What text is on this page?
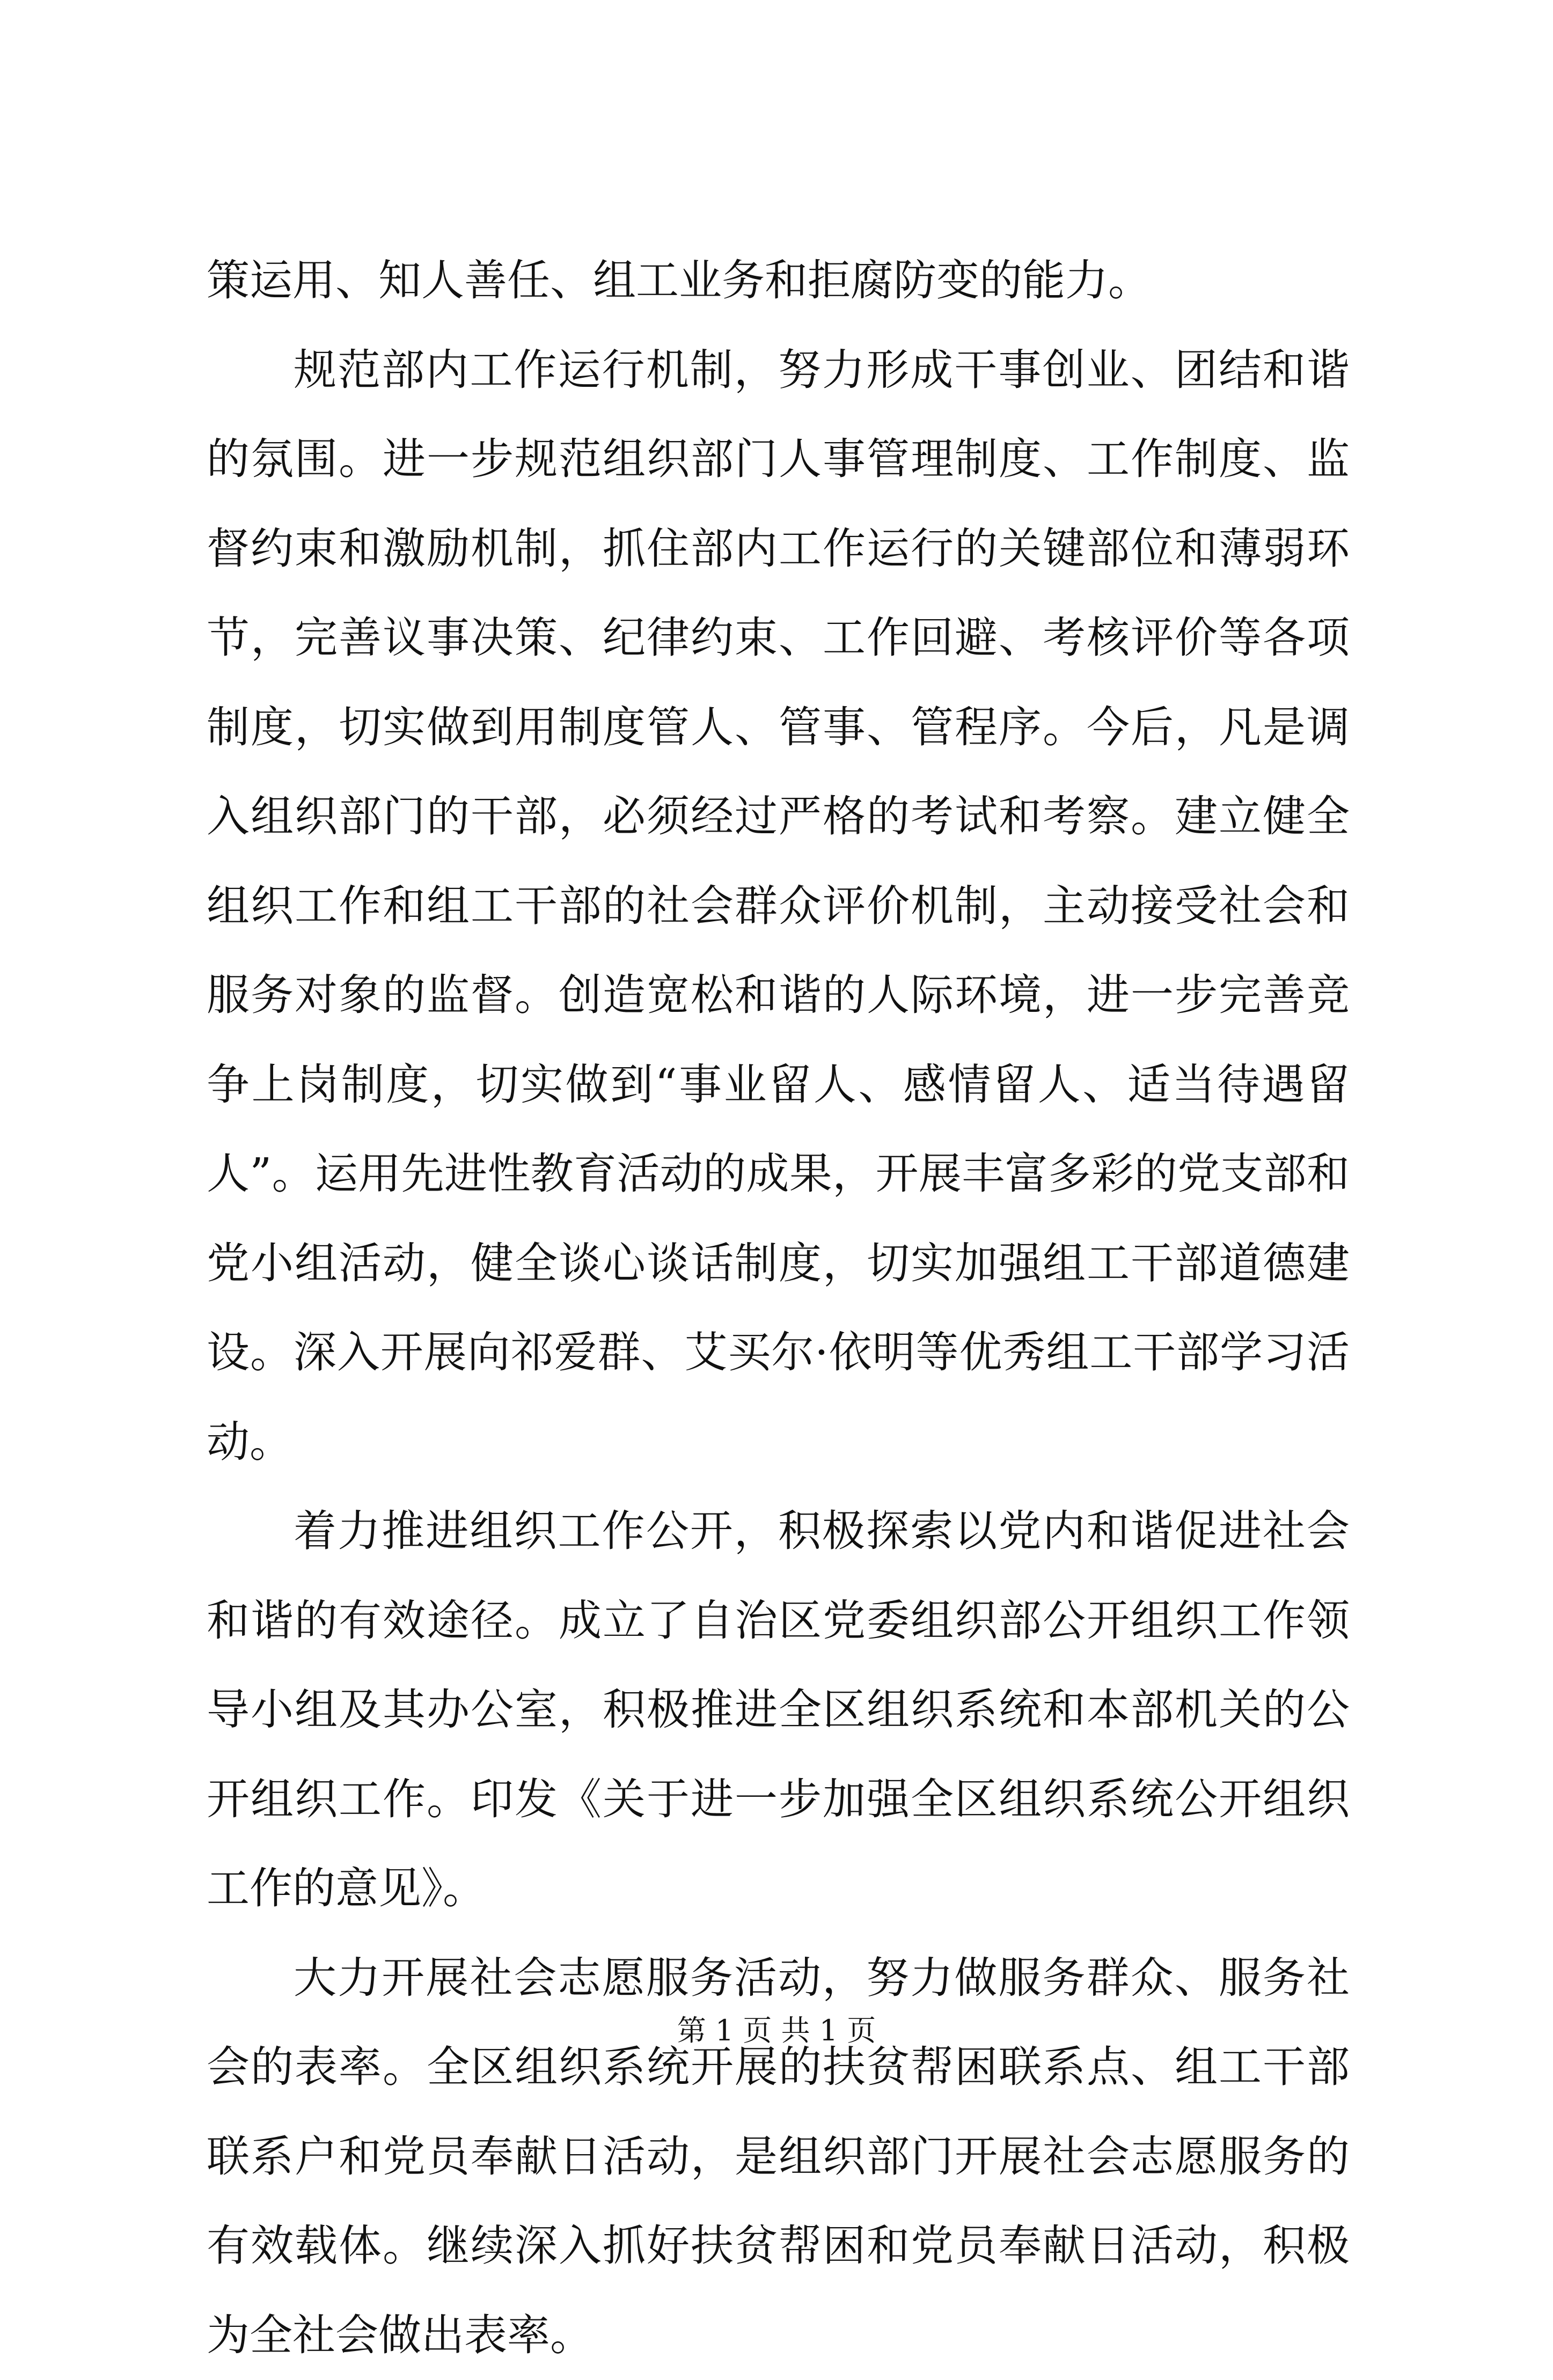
策运用、知人善任、组工业务和拒腐防变的能力。

规范部内工作运行机制，努力形成干事创业、团结和谐的氛围。进一步规范组织部门人事管理制度、工作制度、监督约束和激励机制，抓住部内工作运行的关键部位和薄弱环节，完善议事决策、纪律约束、工作回避、考核评价等各项制度，切实做到用制度管人、管事、管程序。今后，凡是调入组织部门的干部，必须经过严格的考试和考察。建立健全组织工作和组工干部的社会群众评价机制，主动接受社会和服务对象的监督。创造宽松和谐的人际环境，进一步完善竞争上岗制度，切实做到“事业留人、感情留人、适当待遇留人”。运用先进性教育活动的成果，开展丰富多彩的党支部和党小组活动，健全谈心谈话制度，切实加强组工干部道德建设。深入开展向祁爱群、艾买尔·依明等优秀组工干部学习活动。

着力推进组织工作公开，积极探索以党内和谐促进社会和谐的有效途径。成立了自治区党委组织部公开组织工作领导小组及其办公室，积极推进全区组织系统和本部机关的公开组织工作。印发《关于进一步加强全区组织系统公开组织工作的意见》。

大力开展社会志愿服务活动，努力做服务群众、服务社会的表率。全区组织系统开展的扶贫帮困联系点、组工干部联系户和党员奉献日活动，是组织部门开展社会志愿服务的有效载体。继续深入抓好扶贫帮困和党员奉献日活动，积极为全社会做出表率。

第 1 页 共 1 页
